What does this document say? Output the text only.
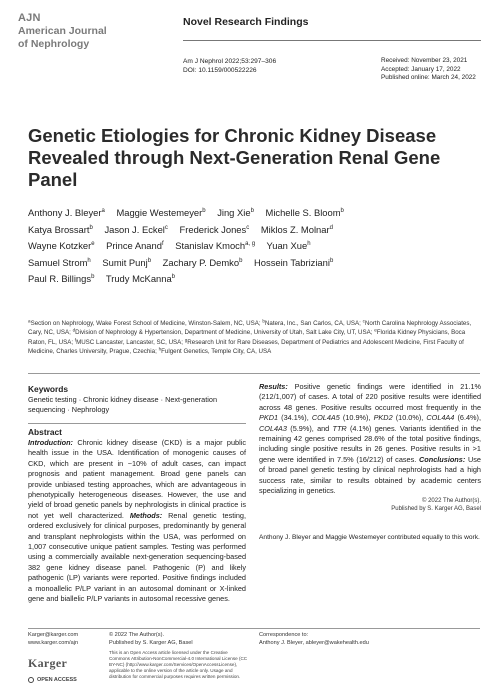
AJN
American Journal
of Nephrology
Novel Research Findings
Am J Nephrol 2022;53:297–306
DOI: 10.1159/000522226
Received: November 23, 2021
Accepted: January 17, 2022
Published online: March 24, 2022
Genetic Etiologies for Chronic Kidney Disease Revealed through Next-Generation Renal Gene Panel
Anthony J. Bleyer$^a$ Maggie Westemeyer$^b$ Jing Xie$^b$ Michelle S. Bloom$^b$
Katya Brossart$^b$ Jason J. Eckel$^c$ Frederick Jones$^c$ Miklos Z. Molnar$^d$
Wayne Kotzker$^e$ Prince Anand$^f$ Stanislav Kmoch$^{a, g}$ Yuan Xue$^h$
Samuel Strom$^h$ Sumit Punj$^b$ Zachary P. Demko$^b$ Hossein Tabriziani$^b$
Paul R. Billings$^b$ Trudy McKanna$^b$
$^a$Section on Nephrology, Wake Forest School of Medicine, Winston-Salem, NC, USA; $^b$Natera, Inc., San Carlos, CA, USA; $^c$North Carolina Nephrology Associates, Cary, NC, USA; $^d$Division of Nephrology & Hypertension, Department of Medicine, University of Utah, Salt Lake City, UT, USA; $^e$Florida Kidney Physicians, Boca Raton, FL, USA; $^f$MUSC Lancaster, Lancaster, SC, USA; $^g$Research Unit for Rare Diseases, Department of Pediatrics and Adolescent Medicine, First Faculty of Medicine, Charles University, Prague, Czechia; $^h$Fulgent Genetics, Temple City, CA, USA
Keywords
Genetic testing · Chronic kidney disease · Next-generation sequencing · Nephrology
Abstract

Introduction: Chronic kidney disease (CKD) is a major public health issue in the USA. Identification of monogenic causes of CKD, which are present in ~10% of adult cases, can impact prognosis and patient management. Broad gene panels can provide unbiased testing approaches, which are advantageous in phenotypically heterogeneous diseases. However, the use and yield of broad genetic panels by nephrologists in clinical practice is not yet well characterized. Methods: Renal genetic testing, ordered exclusively for clinical purposes, predominantly by general and transplant nephrologists within the USA, was performed on 1,007 consecutive unique patient samples. Testing was performed using a commercially available next-generation sequencing-based 382 gene kidney disease panel. Pathogenic (P) and likely pathogenic (LP) variants were reported. Positive findings included a monoallelic P/LP variant in an autosomal dominant or X-linked gene and biallelic P/LP variants in autosomal recessive genes.

Results: Positive genetic findings were identified in 21.1% (212/1,007) of cases. A total of 220 positive results were identified across 48 genes. Positive results occurred most frequently in the PKD1 (34.1%), COL4A5 (10.9%), PKD2 (10.0%), COL4A4 (6.4%), COL4A3 (5.9%), and TTR (4.1%) genes. Variants identified in the remaining 42 genes comprised 28.6% of the total positive findings, including single positive results in 26 genes. Positive results in >1 gene were identified in 7.5% (16/212) of cases. Conclusions: Use of broad panel genetic testing by clinical nephrologists had a high success rate, similar to results obtained by academic centers specializing in genetics.

© 2022 The Author(s).
Published by S. Karger AG, Basel

Anthony J. Bleyer and Maggie Westemeyer contributed equally to this work.

Karger@karger.com
www.karger.com/ajn
© 2022 The Author(s).
Published by S. Karger AG, Basel
This is an Open Access article licensed under the Creative Commons Attribution-NonCommercial-4.0 International License (CC BY-NC) (http://www.karger.com/Services/OpenAccessLicense), applicable to the online version of the article only. Usage and distribution for commercial purposes requires written permission.
Correspondence to:
Anthony J. Bleyer, ableyer@wakehealth.edu
Karger
OPEN ACCESS
